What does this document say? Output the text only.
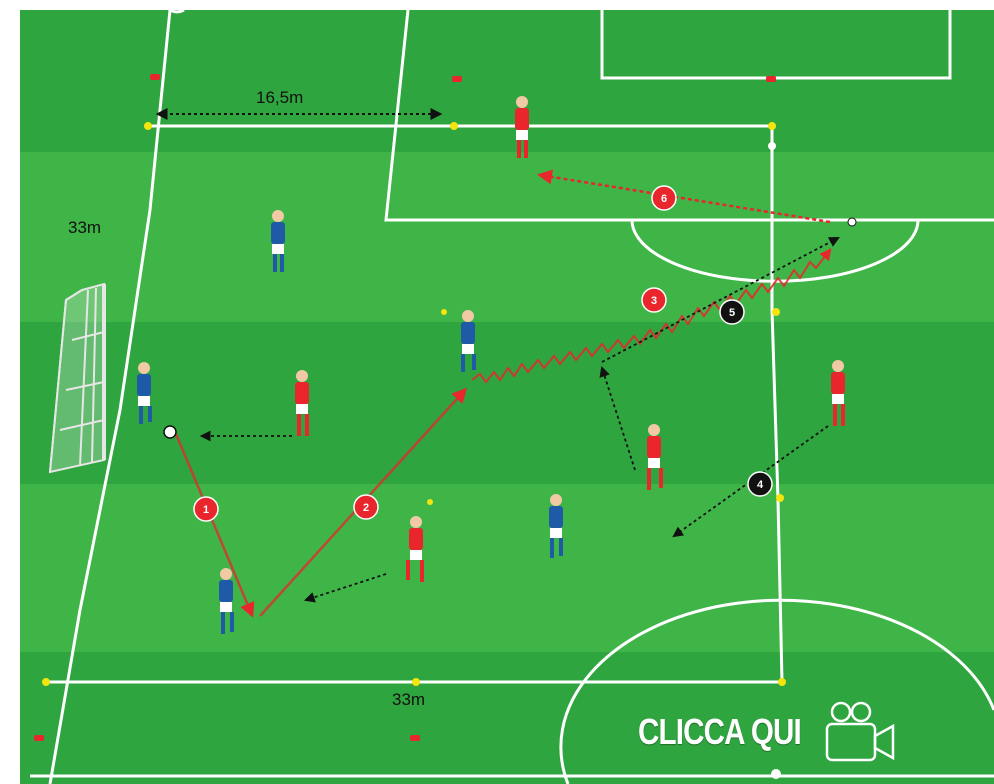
1	2
3
6
4
5
16,5m
33m
33m
CLICCA QUI
